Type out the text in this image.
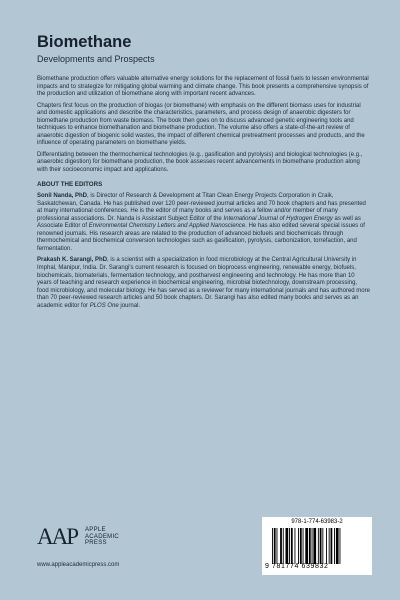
Biomethane
Developments and Prospects

Biomethane production offers valuable alternative energy solutions for the replacement of fossil fuels to lessen environmental impacts and to strategize for mitigating global warming and climate change. This book presents a comprehensive synopsis of the production and utilization of biomethane along with important recent advances.

Chapters first focus on the production of biogas (or biomethane) with emphasis on the different biomass uses for industrial and domestic applications and describe the characteristics, parameters, and process design of anaerobic digesters for biomethane production from waste biomass. The book then goes on to discuss advanced genetic engineering tools and techniques to enhance biomethanation and biomethane production. The volume also offers a state-of-the-art review of anaerobic digestion of biogenic solid wastes, the impact of different chemical pretreatment processes and products, and the influence of operating parameters on biomethane yields.

Differentiating between the thermochemical technologies (e.g., gasification and pyrolysis) and biological technologies (e.g., anaerobic digestion) for biomethane production, the book assesses recent advancements in biomethane production along with their socioeconomic impact and applications.

ABOUT THE EDITORS

Sonil Nanda, PhD, is Director of Research & Development at Titan Clean Energy Projects Corporation in Craik, Saskatchewan, Canada. He has published over 120 peer-reviewed journal articles and 70 book chapters and has presented at many international conferences. He is the editor of many books and serves as a fellow and/or member of many professional associations. Dr. Nanda is Assistant Subject Editor of the International Journal of Hydrogen Energy as well as Associate Editor of Environmental Chemistry Letters and Applied Nanoscience. He has also edited several special issues of renowned journals. His research areas are related to the production of advanced biofuels and biochemicals through thermochemical and biochemical conversion technologies such as gasification, pyrolysis, carbonization, torrefaction, and fermentation.

Prakash K. Sarangi, PhD, is a scientist with a specialization in food microbiology at the Central Agricultural University in Imphal, Manipur, India. Dr. Sarangi's current research is focused on bioprocess engineering, renewable energy, biofuels, biochemicals, biomaterials, fermentation technology, and postharvest engineering and technology. He has more than 10 years of teaching and research experience in biochemical engineering, microbial biotechnology, downstream processing, food microbiology, and molecular biology. He has served as a reviewer for many international journals and has authored more than 70 peer-reviewed research articles and 50 book chapters. Dr. Sarangi has also edited many books and serves as an academic editor for PLOS One journal.

AAP	APPLE
ACADEMIC
PRESS
www.appleacademicpress.com
978-1-774-63983-2
9 781774 639832
